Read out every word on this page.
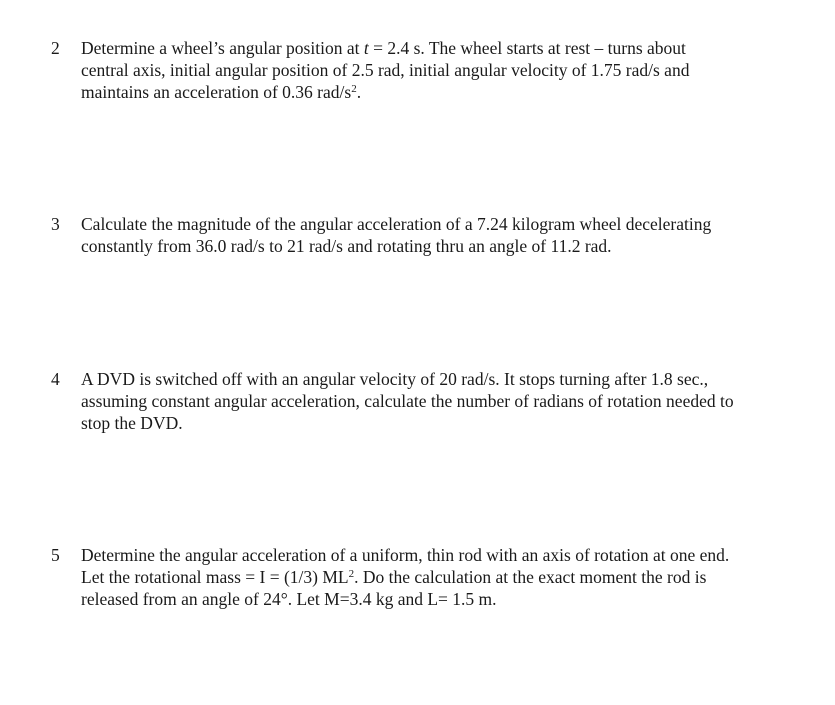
2	Determine a wheel’s angular position at t = 2.4 s. The wheel starts at rest – turns about
central axis, initial angular position of 2.5 rad, initial angular velocity of 1.75 rad/s and
maintains an acceleration of 0.36 rad/$s^2$.
3	Calculate the magnitude of the angular acceleration of a 7.24 kilogram wheel decelerating
constantly from 36.0 rad/s to 21 rad/s and rotating thru an angle of 11.2 rad.
4	A DVD is switched off with an angular velocity of 20 rad/s. It stops turning after 1.8 sec.,
assuming constant angular acceleration, calculate the number of radians of rotation needed to
stop the DVD.
5	Determine the angular acceleration of a uniform, thin rod with an axis of rotation at one end.
Let the rotational mass = I = (1/3) $ML^2$. Do the calculation at the exact moment the rod is
released from an angle of 24°. Let M=3.4 kg and L= 1.5 m.
